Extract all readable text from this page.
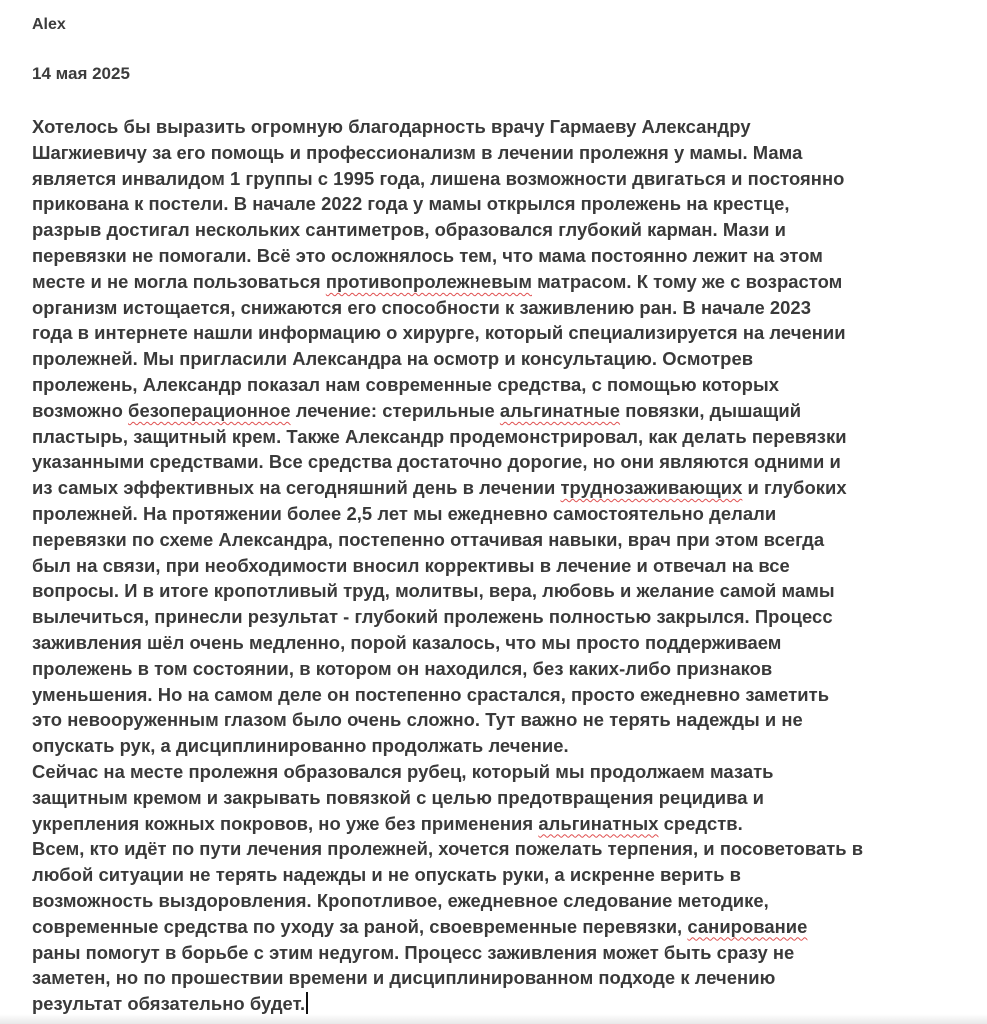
Alex
14 мая 2025
Хотелось бы выразить огромную благодарность врачу Гармаеву Александру
Шагжиевичу за его помощь и профессионализм в лечении пролежня у мамы. Мама
является инвалидом 1 группы с 1995 года, лишена возможности двигаться и постоянно
прикована к постели. В начале 2022 года у мамы открылся пролежень на крестце,
разрыв достигал нескольких сантиметров, образовался глубокий карман. Мази и
перевязки не помогали. Всё это осложнялось тем, что мама постоянно лежит на этом
месте и не могла пользоваться противопролежневым матрасом. К тому же с возрастом
организм истощается, снижаются его способности к заживлению ран. В начале 2023
года в интернете нашли информацию о хирурге, который специализируется на лечении
пролежней. Мы пригласили Александра на осмотр и консультацию. Осмотрев
пролежень, Александр показал нам современные средства, с помощью которых
возможно безоперационное лечение: стерильные альгинатные повязки, дышащий
пластырь, защитный крем. Также Александр продемонстрировал, как делать перевязки
указанными средствами. Все средства достаточно дорогие, но они являются одними и
из самых эффективных на сегодняшний день в лечении труднозаживающих и глубоких
пролежней. На протяжении более 2,5 лет мы ежедневно самостоятельно делали
перевязки по схеме Александра, постепенно оттачивая навыки, врач при этом всегда
был на связи, при необходимости вносил коррективы в лечение и отвечал на все
вопросы. И в итоге кропотливый труд, молитвы, вера, любовь и желание самой мамы
вылечиться, принесли результат - глубокий пролежень полностью закрылся. Процесс
заживления шёл очень медленно, порой казалось, что мы просто поддерживаем
пролежень в том состоянии, в котором он находился, без каких-либо признаков
уменьшения. Но на самом деле он постепенно срастался, просто ежедневно заметить
это невооруженным глазом было очень сложно. Тут важно не терять надежды и не
опускать рук, а дисциплинированно продолжать лечение.
Сейчас на месте пролежня образовался рубец, который мы продолжаем мазать
защитным кремом и закрывать повязкой с целью предотвращения рецидива и
укрепления кожных покровов, но уже без применения альгинатных средств.
Всем, кто идёт по пути лечения пролежней, хочется пожелать терпения, и посоветовать в
любой ситуации не терять надежды и не опускать руки, а искренне верить в
возможность выздоровления. Кропотливое, ежедневное следование методике,
современные средства по уходу за раной, своевременные перевязки, санирование
раны помогут в борьбе с этим недугом. Процесс заживления может быть сразу не
заметен, но по прошествии времени и дисциплинированном подходе к лечению
результат обязательно будет.
